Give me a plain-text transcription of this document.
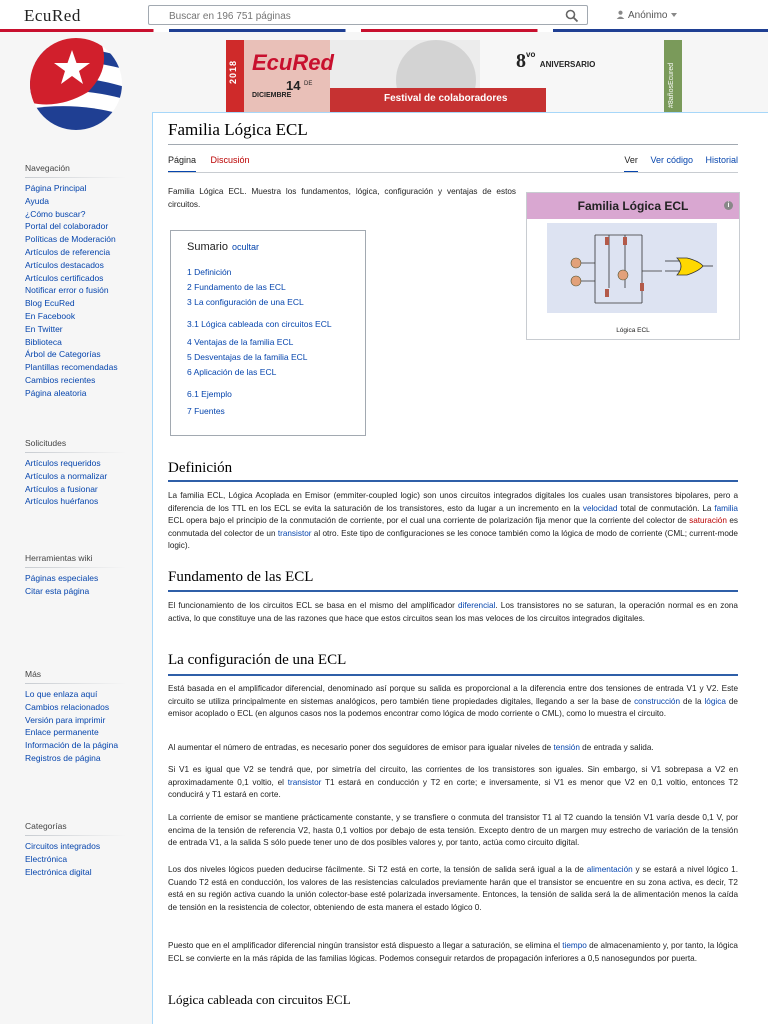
EcuRed
Buscar en 196 751 páginas	Anónimo
2018 EcuRed
14 DE
DICIEMBRE
$8^{vo}$ ANIVERSARIO
Festival de colaboradores	#8añosEcured
Navegación
Página Principal
Ayuda
¿Cómo buscar?
Portal del colaborador
Políticas de Moderación
Artículos de referencia
Artículos destacados
Artículos certificados
Notificar error o fusión
Blog EcuRed
En Facebook
En Twitter
Biblioteca
Árbol de Categorías
Plantillas recomendadas
Cambios recientes
Página aleatoria
Solicitudes
Artículos requeridos
Artículos a normalizar
Artículos a fusionar
Artículos huérfanos
Herramientas wiki
Páginas especiales
Citar esta página
Más
Lo que enlaza aquí
Cambios relacionados
Versión para imprimir
Enlace permanente
Información de la página
Registros de página
Categorías
Circuitos integrados
Electrónica
Electrónica digital
Familia Lógica ECL
Página Discusión	Ver Ver código Historial

Familia Lógica ECL. Muestra los fundamentos, lógica, configuración y ventajas de estos circuitos.	Familia Lógica ECL	i
Lógica ECL
Sumario ocultar
1 Definición
2 Fundamento de las ECL
3 La configuración de una ECL
3.1 Lógica cableada con circuitos ECL
4 Ventajas de la familia ECL
5 Desventajas de la familia ECL
6 Aplicación de las ECL
6.1 Ejemplo
7 Fuentes
Definición

La familia ECL, Lógica Acoplada en Emisor (emmiter-coupled logic) son unos circuitos integrados digitales los cuales usan transistores bipolares, pero a diferencia de los TTL en los ECL se evita la saturación de los transistores, esto da lugar a un incremento en la velocidad total de conmutación. La familia ECL opera bajo el principio de la conmutación de corriente, por el cual una corriente de polarización fija menor que la corriente del colector de saturación es conmutada del colector de un transistor al otro. Este tipo de configuraciones se les conoce también como la lógica de modo de corriente (CML; current-mode logic).

Fundamento de las ECL

El funcionamiento de los circuitos ECL se basa en el mismo del amplificador diferencial. Los transistores no se saturan, la operación normal es en zona activa, lo que constituye una de las razones que hace que estos circuitos sean los mas veloces de los circuitos integrados digitales.

La configuración de una ECL

Está basada en el amplificador diferencial, denominado así porque su salida es proporcional a la diferencia entre dos tensiones de entrada V1 y V2. Este circuito se utiliza principalmente en sistemas analógicos, pero también tiene propiedades digitales, llegando a ser la base de construcción de la lógica de emisor acoplado o ECL (en algunos casos nos la podemos encontrar como lógica de modo corriente o CML), como lo muestra el circuito.

Al aumentar el número de entradas, es necesario poner dos seguidores de emisor para igualar niveles de tensión de entrada y salida.

Si V1 es igual que V2 se tendrá que, por simetría del circuito, las corrientes de los transistores son iguales. Sin embargo, si V1 sobrepasa a V2 en aproximadamente 0,1 voltio, el transistor T1 estará en conducción y T2 en corte; e inversamente, si V1 es menor que V2 en 0,1 voltio, entonces T2 conducirá y T1 estará en corte.

La corriente de emisor se mantiene prácticamente constante, y se transfiere o conmuta del transistor T1 al T2 cuando la tensión V1 varía desde 0,1 V, por encima de la tensión de referencia V2, hasta 0,1 voltios por debajo de esta tensión. Excepto dentro de un margen muy estrecho de variación de la tensión de entrada V1, a la salida S sólo puede tener uno de dos posibles valores y, por tanto, actúa como circuito digital.

Los dos niveles lógicos pueden deducirse fácilmente. Si T2 está en corte, la tensión de salida será igual a la de alimentación y se estará a nivel lógico 1. Cuando T2 está en conducción, los valores de las resistencias calculados previamente harán que el transistor se encuentre en su zona activa, es decir, T2 está en su región activa cuando la unión colector-base esté polarizada inversamente. Entonces, la tensión de salida será la de alimentación menos la caída de tensión en la resistencia de colector, obteniendo de esta manera el estado lógico 0.

Puesto que en el amplificador diferencial ningún transistor está dispuesto a llegar a saturación, se elimina el tiempo de almacenamiento y, por tanto, la lógica ECL se convierte en la más rápida de las familias lógicas. Podemos conseguir retardos de propagación inferiores a 0,5 nanosegundos por puerta.

Lógica cableada con circuitos ECL
